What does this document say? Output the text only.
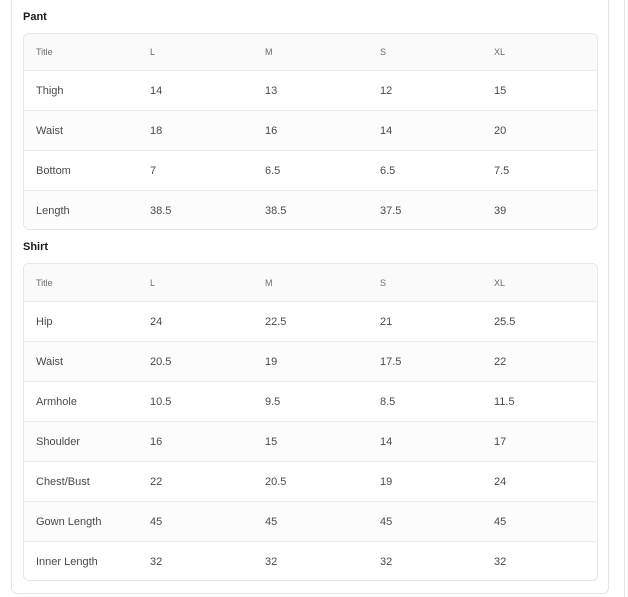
Pant
Title	L	M	S	XL
Thigh	14	13	12	15
Waist	18	16	14	20
Bottom	7	6.5	6.5	7.5
Length	38.5	38.5	37.5	39
Shirt
Title	L	M	S	XL
Hip	24	22.5	21	25.5
Waist	20.5	19	17.5	22
Armhole	10.5	9.5	8.5	11.5
Shoulder	16	15	14	17
Chest/Bust	22	20.5	19	24
Gown Length	45	45	45	45
Inner Length	32	32	32	32
